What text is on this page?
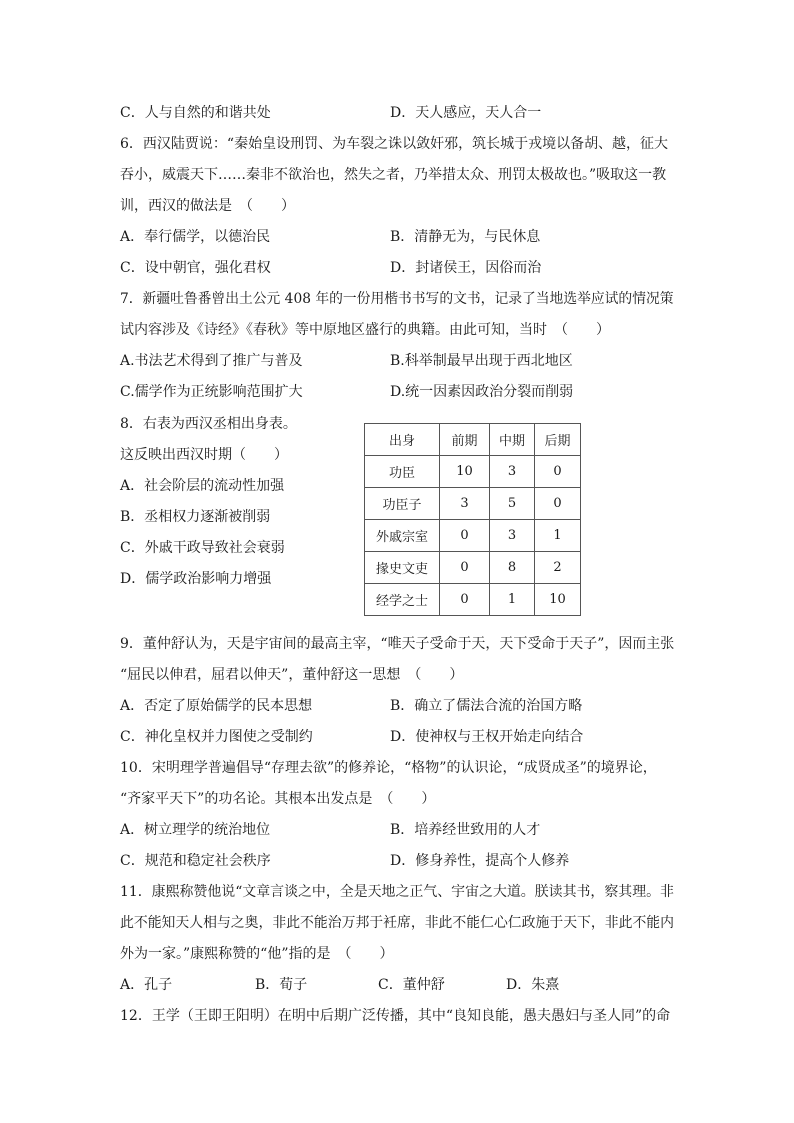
C．人与自然的和谐共处	D．天人感应，天人合一
6．西汉陆贾说：“秦始皇设刑罚、为车裂之诛以敛奸邪，筑长城于戎境以备胡、越，征大
吞小，威震天下……秦非不欲治也，然失之者，乃举措太众、刑罚太极故也。”吸取这一教
训，西汉的做法是　（　　）
A．奉行儒学，以德治民	B．清静无为，与民休息
C．设中朝官，强化君权	D．封诸侯王，因俗而治
7．新疆吐鲁番曾出土公元 408 年的一份用楷书书写的文书，记录了当地选举应试的情况策
试内容涉及《诗经》《春秋》等中原地区盛行的典籍。由此可知，当时　（　　）
A.书法艺术得到了推广与普及	B.科举制最早出现于西北地区
C.儒学作为正统影响范围扩大	D.统一因素因政治分裂而削弱
8．右表为西汉丞相出身表。
这反映出西汉时期（　　）
A．社会阶层的流动性加强
B．丞相权力逐渐被削弱
C．外戚干政导致社会衰弱
D．儒学政治影响力增强
出身	前期	中期	后期
功臣	10	3	0
功臣子	3	5	0
外戚宗室	0	3	1
掾史文吏	0	8	2
经学之士	0	1	10
9．董仲舒认为，天是宇宙间的最高主宰，“唯天子受命于天，天下受命于天子”，因而主张
“屈民以伸君，屈君以伸天”，董仲舒这一思想　（　　）
A．否定了原始儒学的民本思想	B．确立了儒法合流的治国方略
C．神化皇权并力图使之受制约	D．使神权与王权开始走向结合
10．宋明理学普遍倡导“存理去欲”的修养论，“格物”的认识论，“成贤成圣”的境界论，
“齐家平天下”的功名论。其根本出发点是　（　　）
A．树立理学的统治地位	B．培养经世致用的人才
C．规范和稳定社会秩序	D．修身养性，提高个人修养
11．康熙称赞他说“文章言谈之中，全是天地之正气、宇宙之大道。朕读其书，察其理。非
此不能知天人相与之奥，非此不能治万邦于衽席，非此不能仁心仁政施于天下，非此不能内
外为一家。”康熙称赞的“他”指的是　（　　）
A．孔子	B．荀子	C．董仲舒	D．朱熹
12．王学（王即王阳明）在明中后期广泛传播，其中“良知良能，愚夫愚妇与圣人同”的命
